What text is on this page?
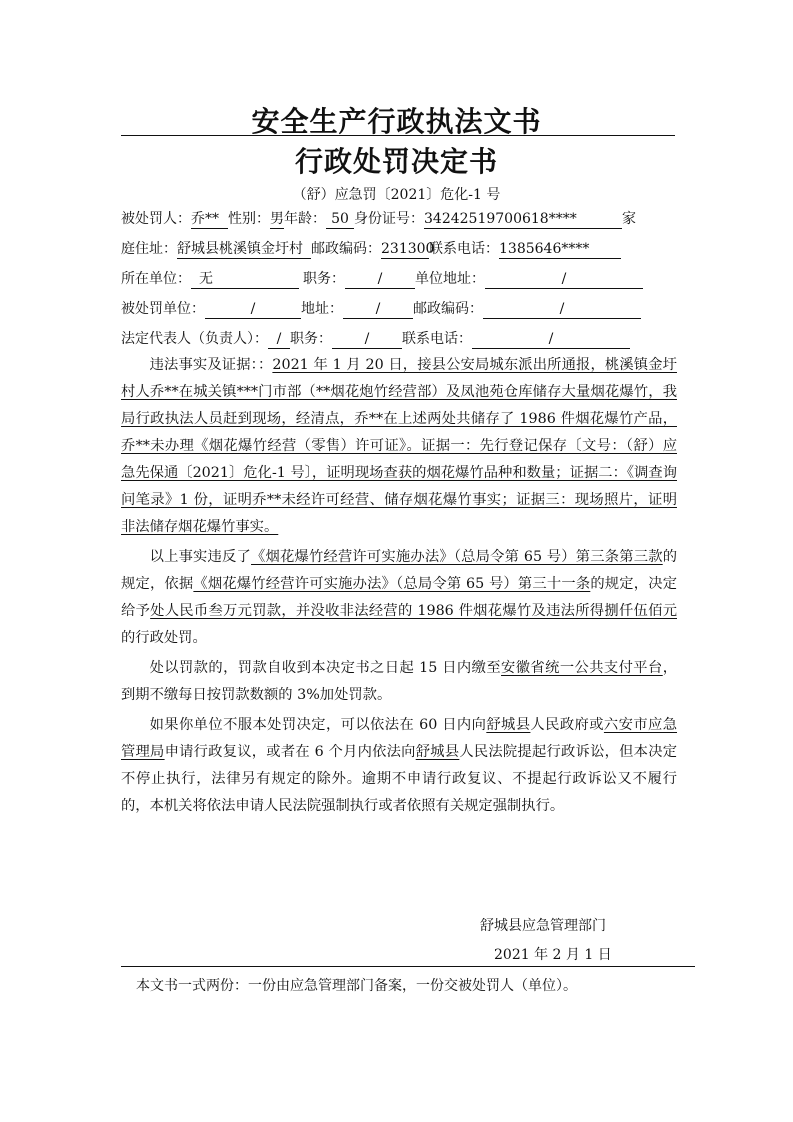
安全生产行政执法文书
行政处罚决定书
（舒）应急罚〔2021〕危化-1 号
被处罚人：乔** 性别：男年龄： 50 身份证号：34242519700618****	家
庭住址：舒城县桃溪镇金圩村 邮政编码：231300联系电话：1385646****
所在单位： 无	职务： / 单位地址：	/
被处罚单位：	/	地址： / 邮政编码：	/
法定代表人（负责人）： / 职务： / 联系电话：	/

违法事实及证据：：2021 年 1 月 20 日，接县公安局城东派出所通报，桃溪镇金圩村人乔**在城关镇***门市部（**烟花炮竹经营部）及凤池苑仓库储存大量烟花爆竹，我局行政执法人员赶到现场，经清点，乔**在上述两处共储存了 1986 件烟花爆竹产品，乔**未办理《烟花爆竹经营（零售）许可证》。证据一：先行登记保存〔文号：（舒）应急先保通〔2021〕危化-1 号〕，证明现场查获的烟花爆竹品种和数量；证据二：《调查询问笔录》1 份，证明乔**未经许可经营、储存烟花爆竹事实；证据三：现场照片，证明非法储存烟花爆竹事实。

以上事实违反了《烟花爆竹经营许可实施办法》（总局令第 65 号）第三条第三款的规定，依据《烟花爆竹经营许可实施办法》（总局令第 65 号）第三十一条的规定，决定给予处人民币叁万元罚款，并没收非法经营的 1986 件烟花爆竹及违法所得捌仟伍佰元的行政处罚。

处以罚款的，罚款自收到本决定书之日起 15 日内缴至安徽省统一公共支付平台，到期不缴每日按罚款数额的 3%加处罚款。

如果你单位不服本处罚决定，可以依法在 60 日内向舒城县人民政府或六安市应急管理局申请行政复议，或者在 6 个月内依法向舒城县人民法院提起行政诉讼，但本决定不停止执行，法律另有规定的除外。逾期不申请行政复议、不提起行政诉讼又不履行的，本机关将依法申请人民法院强制执行或者依照有关规定强制执行。

舒城县应急管理部门
2021 年 2 月 1 日
本文书一式两份：一份由应急管理部门备案，一份交被处罚人（单位）。
